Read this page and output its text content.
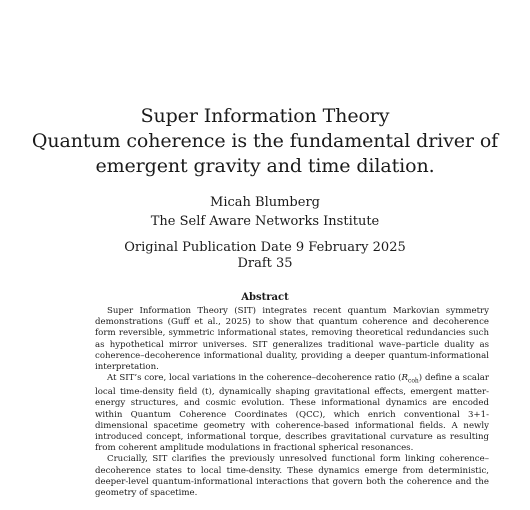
Super Information Theory
Quantum coherence is the fundamental driver of
emergent gravity and time dilation.
Micah Blumberg
The Self Aware Networks Institute
Original Publication Date 9 February 2025
Draft 35
Abstract

Super Information Theory (SIT) integrates recent quantum Markovian symmetry demonstrations (Guff et al., 2025) to show that quantum coherence and decoherence form reversible, symmetric informational states, removing theoretical redundancies such as hypothetical mirror universes. SIT generalizes traditional wave–particle duality as coherence–decoherence informational duality, providing a deeper quantum-informational interpretation.

At SIT’s core, local variations in the coherence–decoherence ratio $(R_{coh})$ define a scalar local time-density field (t), dynamically shaping gravitational effects, emergent matter-energy structures, and cosmic evolution. These informational dynamics are encoded within Quantum Coherence Coordinates (QCC), which enrich conventional 3+1-dimensional spacetime geometry with coherence-based informational fields. A newly introduced concept, informational torque, describes gravitational curvature as resulting from coherent amplitude modulations in fractional spherical resonances.

Crucially, SIT clarifies the previously unresolved functional form linking coherence–decoherence states to local time-density. These dynamics emerge from deterministic, deeper-level quantum-informational interactions that govern both the coherence and the geometry of spacetime.
